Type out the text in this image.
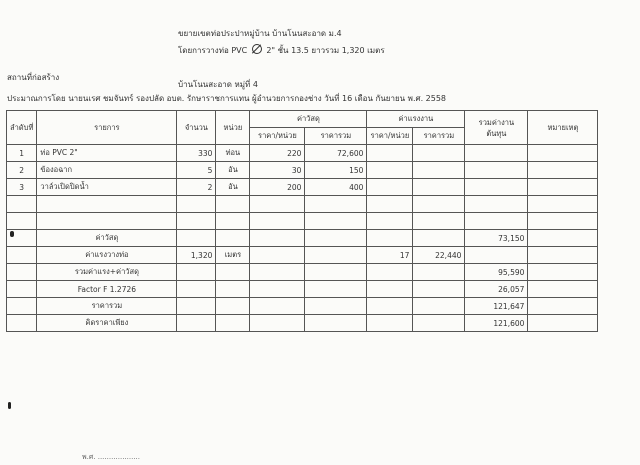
ขยายเขตท่อประปาหมู่บ้าน บ้านโนนสะอาด ม.4
โดยการวางท่อ PVC 2" ชั้น 13.5 ยาวรวม 1,320 เมตร
สถานที่ก่อสร้าง
บ้านโนนสะอาด หมู่ที่ 4
ประมาณการโดย นายนเรศ ชมจันทร์ รองปลัด อบต. รักษาราชการแทน ผู้อำนวยการกองช่าง วันที่ 16 เดือน กันยายน พ.ศ. 2558
ลำดับที่	รายการ	จำนวน	หน่วย	ค่าวัสดุ		ค่าแรงงาน		รวมค่างาน ต้นทุน	หมายเหตุ
				ราคา/หน่วย	ราคารวม	ราคา/หน่วย	ราคารวม		
1	ท่อ PVC 2"	330	ท่อน	220	72,600				
2	ข้องอฉาก	5	อัน	30	150				
3	วาล์วเปิดปิดน้ำ	2	อัน	200	400				

	ค่าวัสดุ							73,150	
	ค่าแรงวางท่อ	1,320	เมตร			17	22,440		
	รวมค่าแรง+ค่าวัสดุ							95,590	
	Factor F 1.2726							26,057	
	ราคารวม							121,647	
	คิดราคาเพียง							121,600	
พ.ศ. ...................
